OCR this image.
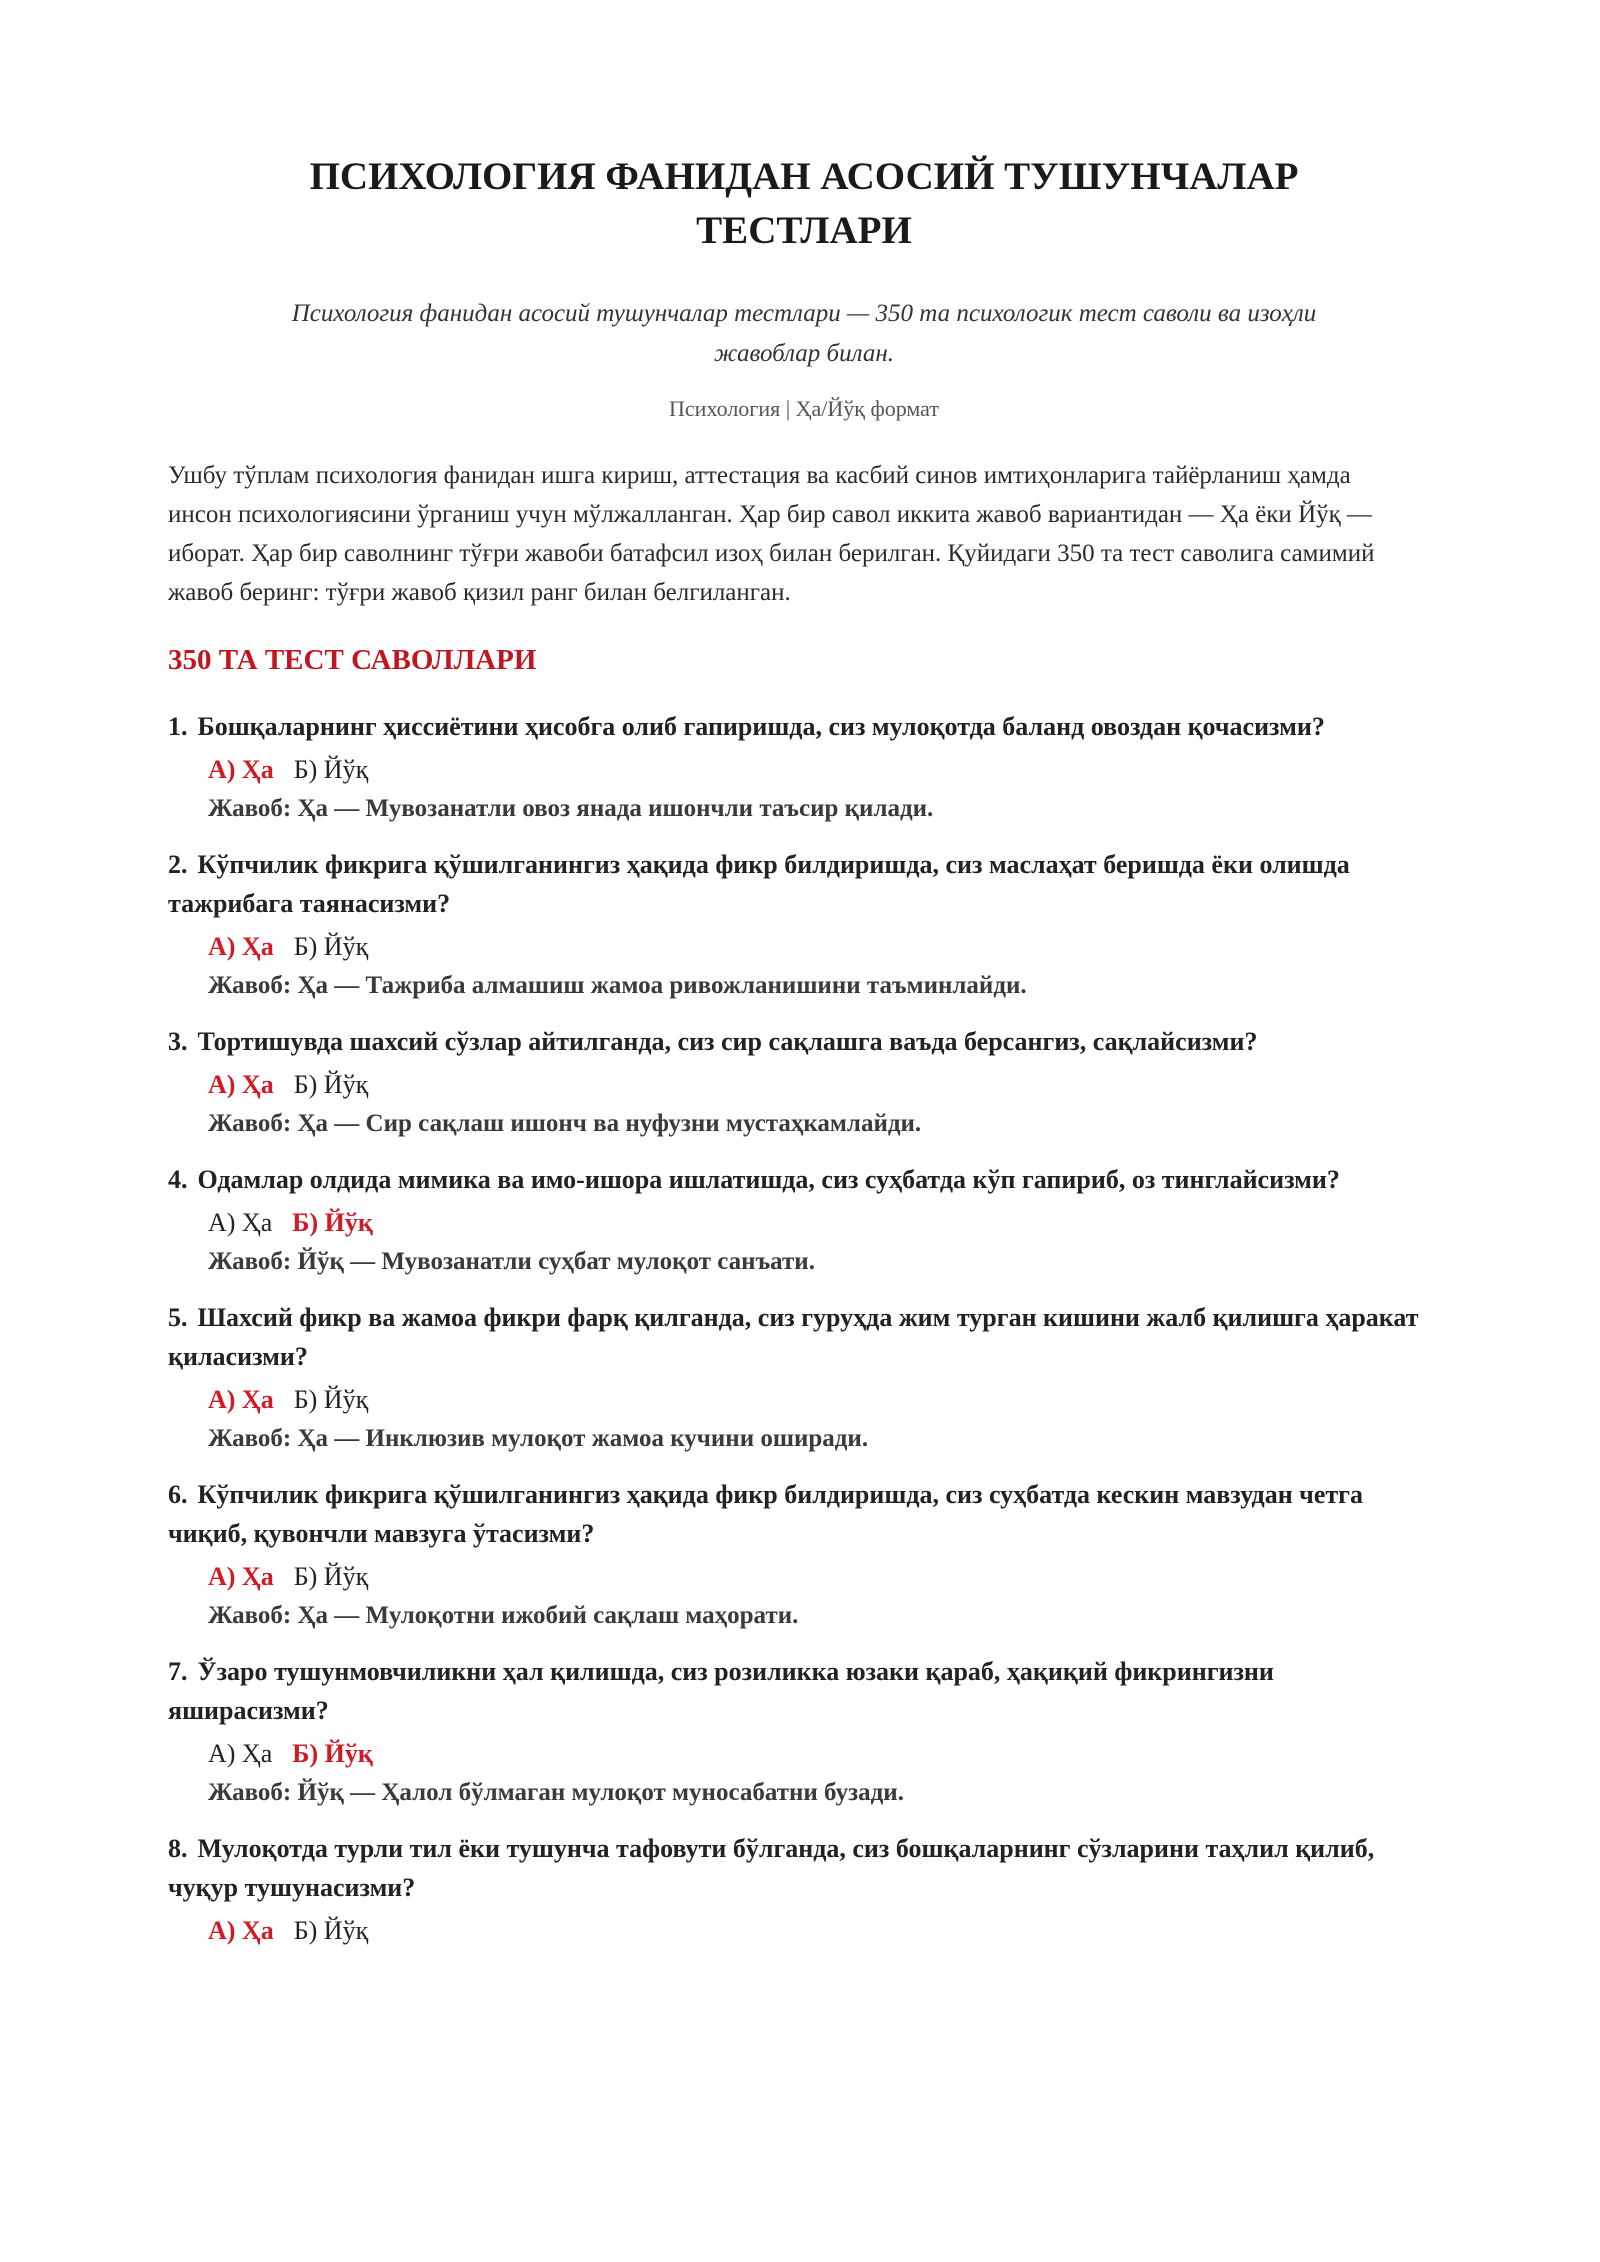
ПСИХОЛОГИЯ ФАНИДАН АСОСИЙ ТУШУНЧАЛАР
ТЕСТЛАРИ
Психология фанидан асосий тушунчалар тестлари — 350 та психологик тест саволи ва изоҳли жавоблар билан.
Психология | Ҳа/Йўқ формат
Ушбу тўплам психология фанидан ишга кириш, аттестация ва касбий синов имтиҳонларига тайёрланиш ҳамда инсон психологиясини ўрганиш учун мўлжалланган. Ҳар бир савол иккита жавоб вариантидан — Ҳа ёки Йўқ — иборат. Ҳар бир саволнинг тўғри жавоби батафсил изоҳ билан берилган. Қуйидаги 350 та тест саволига самимий жавоб беринг: тўғри жавоб қизил ранг билан белгиланган.
350 ТА ТЕСТ САВОЛЛАРИ
1. Бошқаларнинг ҳиссиётини ҳисобга олиб гапиришда, сиз мулоқотда баланд овоздан қочасизми?
А) Ҳа Б) Йўқ
Жавоб: Ҳа — Мувозанатли овоз янада ишончли таъсир қилади.
2. Кўпчилик фикрига қўшилганингиз ҳақида фикр билдиришда, сиз маслаҳат беришда ёки олишда тажрибага таянасизми?
А) Ҳа Б) Йўқ
Жавоб: Ҳа — Тажриба алмашиш жамоа ривожланишини таъминлайди.
3. Тортишувда шахсий сўзлар айтилганда, сиз сир сақлашга ваъда берсангиз, сақлайсизми?
А) Ҳа Б) Йўқ
Жавоб: Ҳа — Сир сақлаш ишонч ва нуфузни мустаҳкамлайди.
4. Одамлар олдида мимика ва имо-ишора ишлатишда, сиз суҳбатда кўп гапириб, оз тинглайсизми?
А) Ҳа Б) Йўқ
Жавоб: Йўқ — Мувозанатли суҳбат мулоқот санъати.
5. Шахсий фикр ва жамоа фикри фарқ қилганда, сиз гуруҳда жим турган кишини жалб қилишга ҳаракат қиласизми?
А) Ҳа Б) Йўқ
Жавоб: Ҳа — Инклюзив мулоқот жамоа кучини оширади.
6. Кўпчилик фикрига қўшилганингиз ҳақида фикр билдиришда, сиз суҳбатда кескин мавзудан четга чиқиб, қувончли мавзуга ўтасизми?
А) Ҳа Б) Йўқ
Жавоб: Ҳа — Мулоқотни ижобий сақлаш маҳорати.
7. Ўзаро тушунмовчиликни ҳал қилишда, сиз розиликка юзаки қараб, ҳақиқий фикрингизни яширасизми?
А) Ҳа Б) Йўқ
Жавоб: Йўқ — Ҳалол бўлмаган мулоқот муносабатни бузади.
8. Мулоқотда турли тил ёки тушунча тафовути бўлганда, сиз бошқаларнинг сўзларини таҳлил қилиб, чуқур тушунасизми?
А) Ҳа Б) Йўқ
